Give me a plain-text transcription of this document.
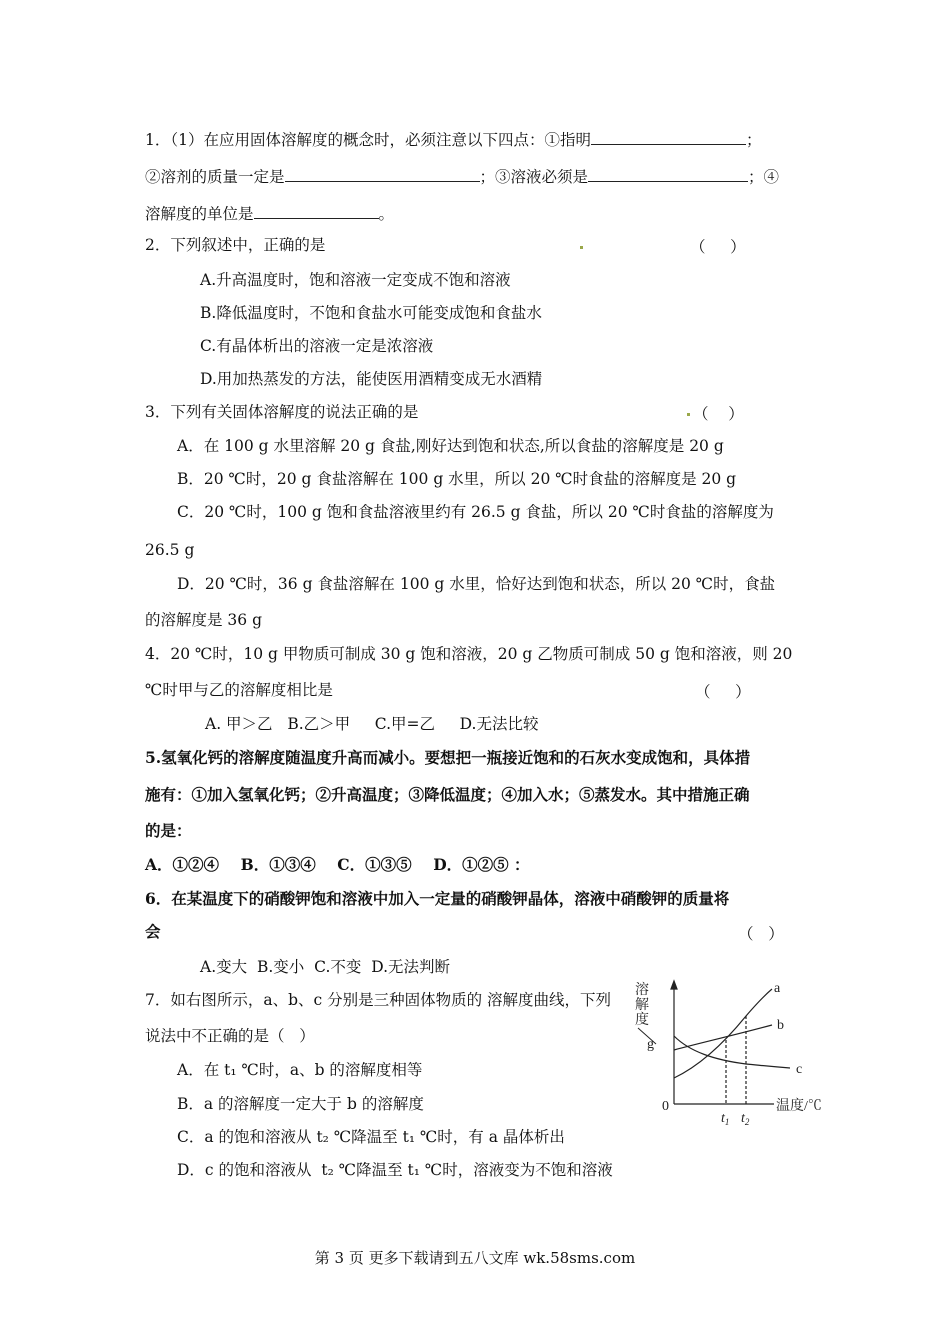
1．（1）在应用固体溶解度的概念时，必须注意以下四点：①指明	；
②溶剂的质量一定是	；③溶液必须是	；④
溶解度的单位是	。
2．下列叙述中，正确的是	（     ）
A.升高温度时，饱和溶液一定变成不饱和溶液
B.降低温度时，不饱和食盐水可能变成饱和食盐水
C.有晶体析出的溶液一定是浓溶液
D.用加热蒸发的方法，能使医用酒精变成无水酒精
3．下列有关固体溶解度的说法正确的是	（    ）
A．在 100 g 水里溶解 20 g 食盐,刚好达到饱和状态,所以食盐的溶解度是 20 g
B．20 ℃时，20 g 食盐溶解在 100 g 水里，所以 20 ℃时食盐的溶解度是 20 g
C．20 ℃时，100 g 饱和食盐溶液里约有 26.5 g 食盐，所以 20 ℃时食盐的溶解度为
26.5 g
D．20 ℃时，36 g 食盐溶解在 100 g 水里，恰好达到饱和状态，所以 20 ℃时，食盐
的溶解度是 36 g
4．20 ℃时，10 g 甲物质可制成 30 g 饱和溶液，20 g 乙物质可制成 50 g 饱和溶液，则 20
℃时甲与乙的溶解度相比是	（     ）
A. 甲＞乙   B.乙＞甲     C.甲=乙     D.无法比较
5.氢氧化钙的溶解度随温度升高而减小。要想把一瓶接近饱和的石灰水变成饱和，具体措
施有：①加入氢氧化钙；②升高温度；③降低温度；④加入水；⑤蒸发水。其中措施正确
的是：
A．①②④    B．①③④    C．①③⑤    D．①②⑤ ：
6．在某温度下的硝酸钾饱和溶液中加入一定量的硝酸钾晶体，溶液中硝酸钾的质量将
会	（   ）
A.变大  B.变小  C.不变  D.无法判断
7．如右图所示，a、b、c 分别是三种固体物质的 溶解度曲线，下列
说法中不正确的是（   ）
A．在 t₁ ℃时，a、b 的溶解度相等
B．a 的溶解度一定大于 b 的溶解度
C．a 的饱和溶液从 t₂ ℃降温至 t₁ ℃时，有 a 晶体析出
D．c 的饱和溶液从  t₂ ℃降温至 t₁ ℃时，溶液变为不饱和溶液
溶
解
度
g
0	温度/℃
$t_1$ $t_2$
a
b
c
第 3 页 更多下载请到五八文库 wk.58sms.com
